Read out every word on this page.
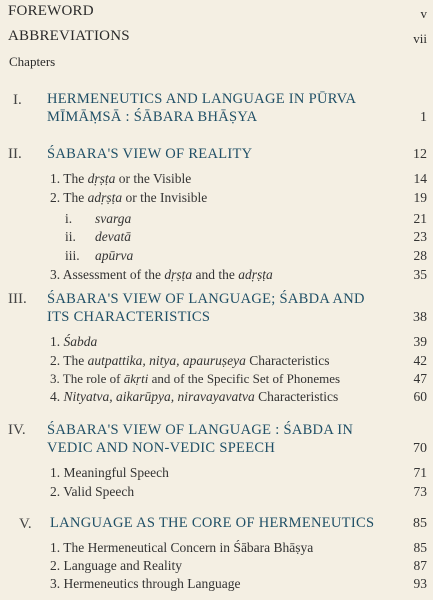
FOREWORD	v
ABBREVIATIONS	vii
Chapters
I. HERMENEUTICS AND LANGUAGE IN PŪRVA
MĪMĀṂSĀ : ŚĀBARA BHĀṢYA	1
II. ŚABARA'S VIEW OF REALITY	12
1. The dṛṣṭa or the Visible	14
2. The adṛṣṭa or the Invisible	19
i. svarga	21
ii. devatā	23
iii. apūrva	28
3. Assessment of the dṛṣṭa and the adṛṣṭa	35
III. ŚABARA'S VIEW OF LANGUAGE; ŚABDA AND
ITS CHARACTERISTICS	38
1. Śabda	39
2. The autpattika, nitya, apauruṣeya Characteristics	42
3. The role of ākṛti and of the Specific Set of Phonemes	47
4. Nityatva, aikarūpya, niravayavatva Characteristics	60
IV. ŚABARA'S VIEW OF LANGUAGE : ŚABDA IN
VEDIC AND NON-VEDIC SPEECH	70
1. Meaningful Speech	71
2. Valid Speech	73
V. LANGUAGE AS THE CORE OF HERMENEUTICS	85
1. The Hermeneutical Concern in Śābara Bhāṣya	85
2. Language and Reality	87
3. Hermeneutics through Language	93
